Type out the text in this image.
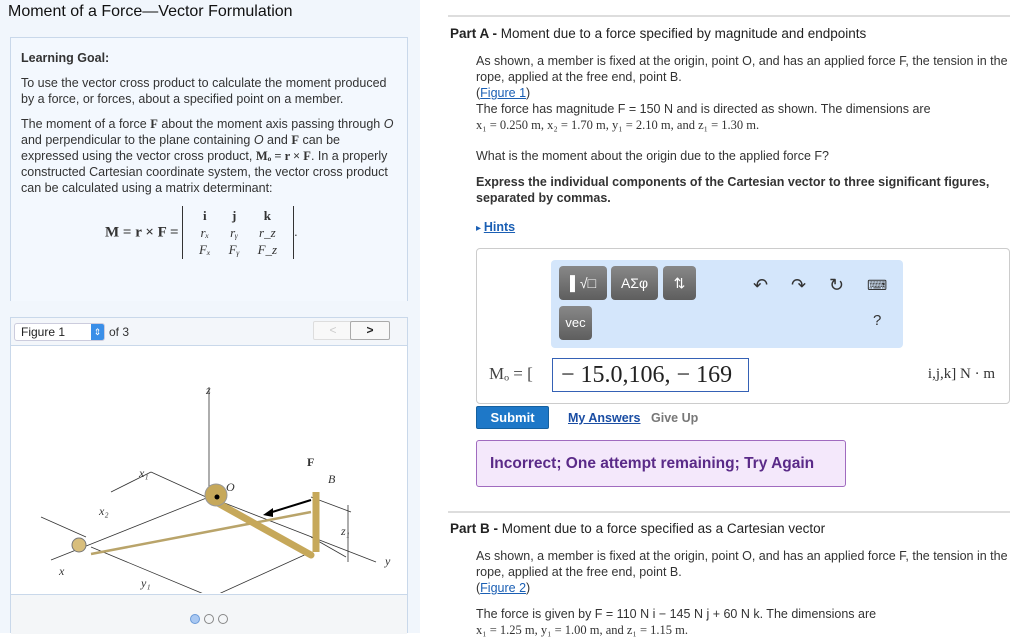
Moment of a Force—Vector Formulation

Learning Goal:

To use the vector cross product to calculate the moment produced by a force, or forces, about a specified point on a member.

The moment of a force F about the moment axis passing through O and perpendicular to the plane containing O and F can be expressed using the vector cross product, Mₒ = r × F. In a properly constructed Cartesian coordinate system, the vector cross product can be calculated using a matrix determinant:

M = r × F = i	j	k
rₓ	rᵧ	r_z
Fₓ	Fᵧ	F_z.
Figure 1	⇕ of 3	<	>
z
x₁
x₂
O
F
B
z₁
x
y₁
y
Part A - Moment due to a force specified by magnitude and endpoints
As shown, a member is fixed at the origin, point O, and has an applied force F, the tension in the rope, applied at the free end, point B.
(Figure 1)
The force has magnitude F = 150 N and is directed as shown. The dimensions are
x₁ = 0.250 m, x₂ = 1.70 m, y₁ = 2.10 m, and z₁ = 1.30 m.
What is the moment about the origin due to the applied force F?
Express the individual components of the Cartesian vector to three significant figures, separated by commas.
▸ Hints
▌√□	ΑΣφ	⇅
vec
↶ ↷ ↻ ⌨
?
Mₒ = [	− 15.0,106, − 169	i,j,k] N · m
Submit	My Answers Give Up
Incorrect; One attempt remaining; Try Again
Part B - Moment due to a force specified as a Cartesian vector
As shown, a member is fixed at the origin, point O, and has an applied force F, the tension in the rope, applied at the free end, point B.
(Figure 2)
The force is given by F = 110 N i − 145 N j + 60 N k. The dimensions are
x₁ = 1.25 m, y₁ = 1.00 m, and z₁ = 1.15 m.
